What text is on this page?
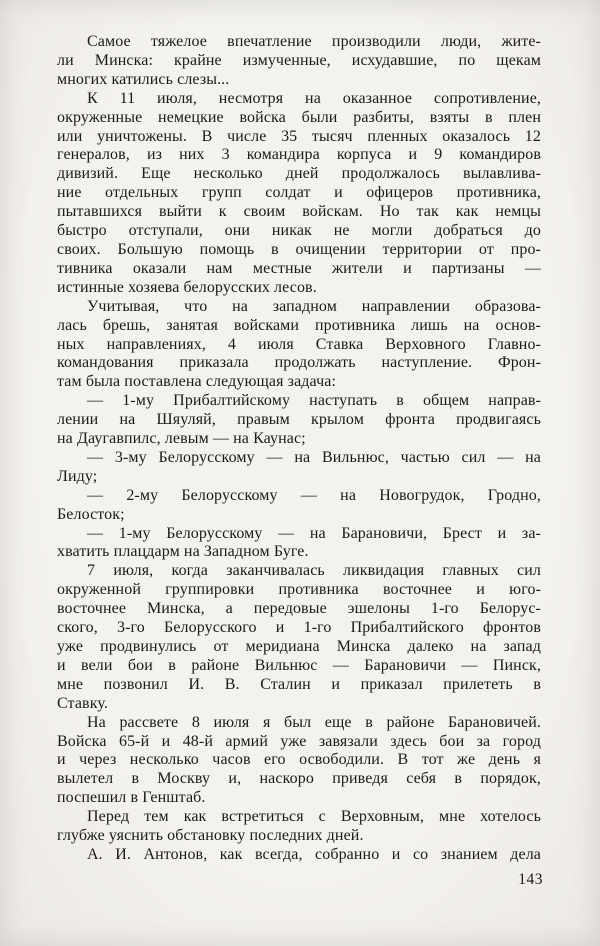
Самое тяжелое впечатление производили люди, жите-
ли Минска: крайне измученные, исхудавшие, по щекам
многих катились слезы...
К 11 июля, несмотря на оказанное сопротивление,
окруженные немецкие войска были разбиты, взяты в плен
или уничтожены. В числе 35 тысяч пленных оказалось 12
генералов, из них 3 командира корпуса и 9 командиров
дивизий. Еще несколько дней продолжалось вылавлива-
ние отдельных групп солдат и офицеров противника,
пытавшихся выйти к своим войскам. Но так как немцы
быстро отступали, они никак не могли добраться до
своих. Большую помощь в очищении территории от про-
тивника оказали нам местные жители и партизаны —
истинные хозяева белорусских лесов.
Учитывая, что на западном направлении образова-
лась брешь, занятая войсками противника лишь на основ-
ных направлениях, 4 июля Ставка Верховного Главно-
командования приказала продолжать наступление. Фрон-
там была поставлена следующая задача:
— 1-му Прибалтийскому наступать в общем направ-
лении на Шяуляй, правым крылом фронта продвигаясь
на Даугавпилс, левым — на Каунас;
— 3-му Белорусскому — на Вильнюс, частью сил — на
Лиду;
— 2-му Белорусскому — на Новогрудок, Гродно,
Белосток;
— 1-му Белорусскому — на Барановичи, Брест и за-
хватить плацдарм на Западном Буге.
7 июля, когда заканчивалась ликвидация главных сил
окруженной группировки противника восточнее и юго-
восточнее Минска, а передовые эшелоны 1-го Белорус-
ского, 3-го Белорусского и 1-го Прибалтийского фронтов
уже продвинулись от меридиана Минска далеко на запад
и вели бои в районе Вильнюс — Барановичи — Пинск,
мне позвонил И. В. Сталин и приказал прилететь в
Ставку.
На рассвете 8 июля я был еще в районе Барановичей.
Войска 65-й и 48-й армий уже завязали здесь бои за город
и через несколько часов его освободили. В тот же день я
вылетел в Москву и, наскоро приведя себя в порядок,
поспешил в Генштаб.
Перед тем как встретиться с Верховным, мне хотелось
глубже уяснить обстановку последних дней.
А. И. Антонов, как всегда, собранно и со знанием дела
143
